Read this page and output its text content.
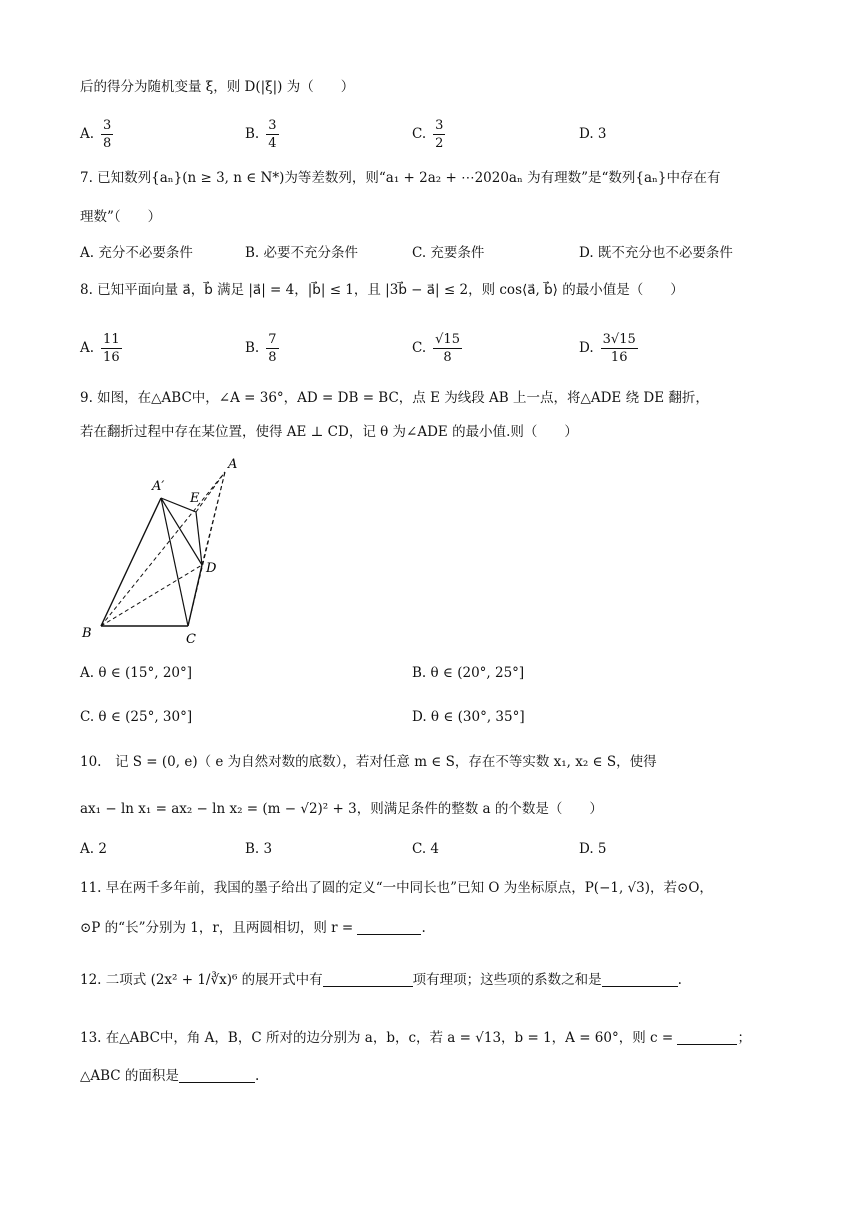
后的得分为随机变量 ξ，则 D(|ξ|) 为（　　）
A. $\frac{3}{8}$	B. $\frac{3}{4}$	C. $\frac{3}{2}$	D. 3
7. 已知数列{aₙ}(n ≥ 3, n ∈ N*)为等差数列，则“a₁ + 2a₂ + ⋯2020aₙ 为有理数”是“数列{aₙ}中存在有
理数”（　　）
A. 充分不必要条件	B. 必要不充分条件	C. 充要条件	D. 既不充分也不必要条件
8. 已知平面向量 a⃗，b⃗ 满足 |a⃗| = 4，|b⃗| ≤ 1，且 |3b⃗ − a⃗| ≤ 2，则 cos⟨a⃗, b⃗⟩ 的最小值是（　　）
A. $\frac{11}{16}$	B. $\frac{7}{8}$	C. $\frac{√15}{8}$	D. $\frac{3√15}{16}$
9. 如图，在△ABC中，∠A = 36°，AD = DB = BC，点 E 为线段 AB 上一点，将△ADE 绕 DE 翻折，
若在翻折过程中存在某位置，使得 AE ⊥ CD，记 θ 为∠ADE 的最小值.则（　　）
A′
A
E
D
B	C
A. θ ∈ (15°, 20°]	B. θ ∈ (20°, 25°]
C. θ ∈ (25°, 30°]	D. θ ∈ (30°, 35°]
10.　记 S = (0, e)（ e 为自然对数的底数），若对任意 m ∈ S，存在不等实数 x₁, x₂ ∈ S，使得
ax₁ − ln x₁ = ax₂ − ln x₂ = (m − √2)² + 3，则满足条件的整数 a 的个数是（　　）
A. 2	B. 3	C. 4	D. 5
11. 早在两千多年前，我国的墨子给出了圆的定义“一中同长也”已知 O 为坐标原点，P(−1, √3)，若⊙O，
⊙P 的“长”分别为 1，r，且两圆相切，则 r =	.
12. 二项式 (2x² + 1/∛x)⁶ 的展开式中有	项有理项；这些项的系数之和是	.
13. 在△ABC中，角 A，B，C 所对的边分别为 a，b，c，若 a = √13，b = 1，A = 60°，则 c =	；
△ABC 的面积是	.
